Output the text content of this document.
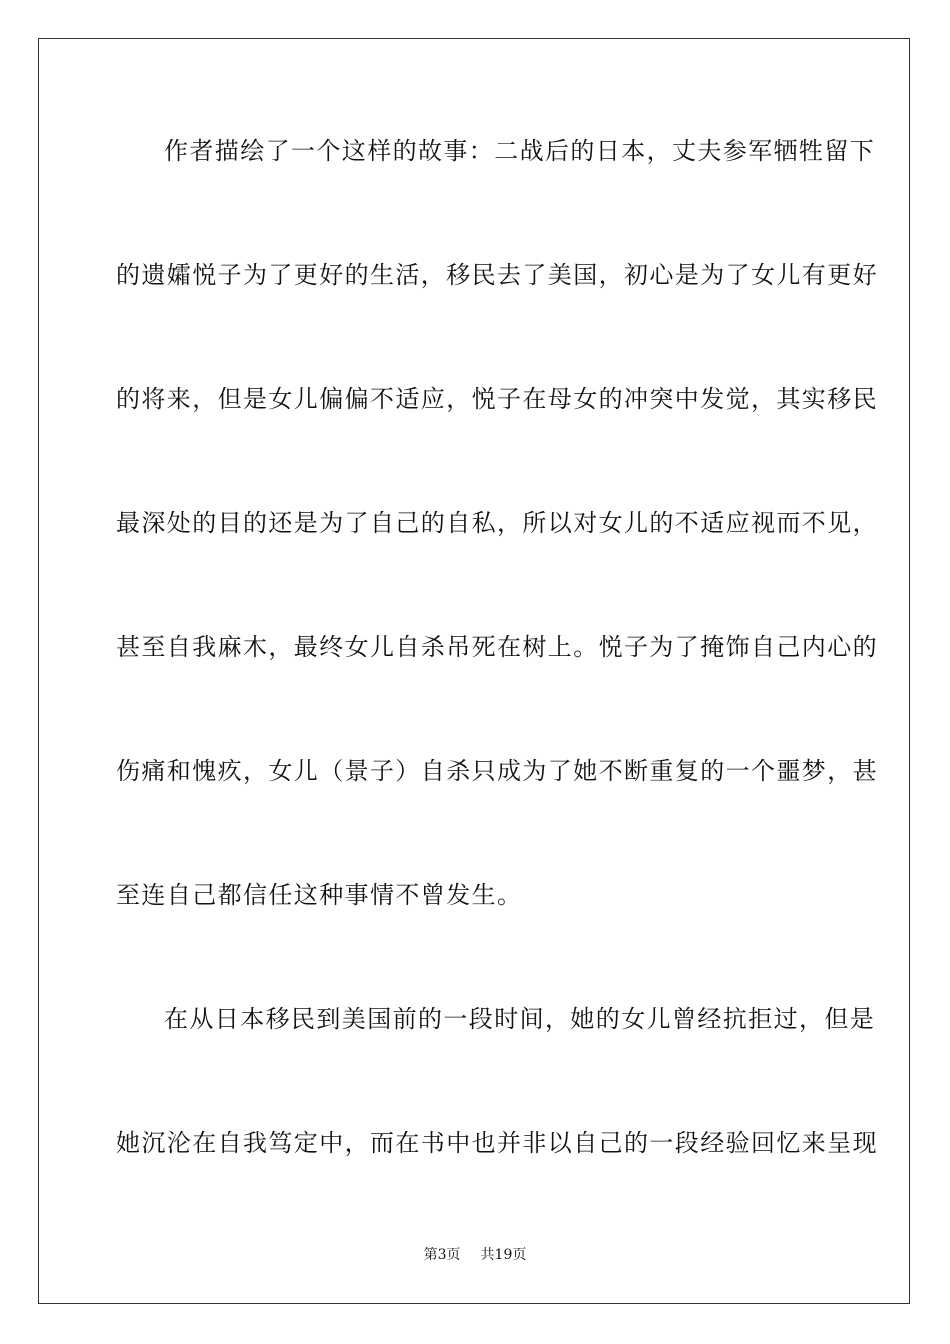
作者描绘了一个这样的故事：二战后的日本，丈夫参军牺牲留下
的遗孀悦子为了更好的生活，移民去了美国，初心是为了女儿有更好
的将来，但是女儿偏偏不适应，悦子在母女的冲突中发觉，其实移民
最深处的目的还是为了自己的自私，所以对女儿的不适应视而不见，
甚至自我麻木，最终女儿自杀吊死在树上。悦子为了掩饰自己内心的
伤痛和愧疚，女儿（景子）自杀只成为了她不断重复的一个噩梦，甚
至连自己都信任这种事情不曾发生。
在从日本移民到美国前的一段时间，她的女儿曾经抗拒过，但是
她沉沦在自我笃定中，而在书中也并非以自己的一段经验回忆来呈现
第3页 共19页
